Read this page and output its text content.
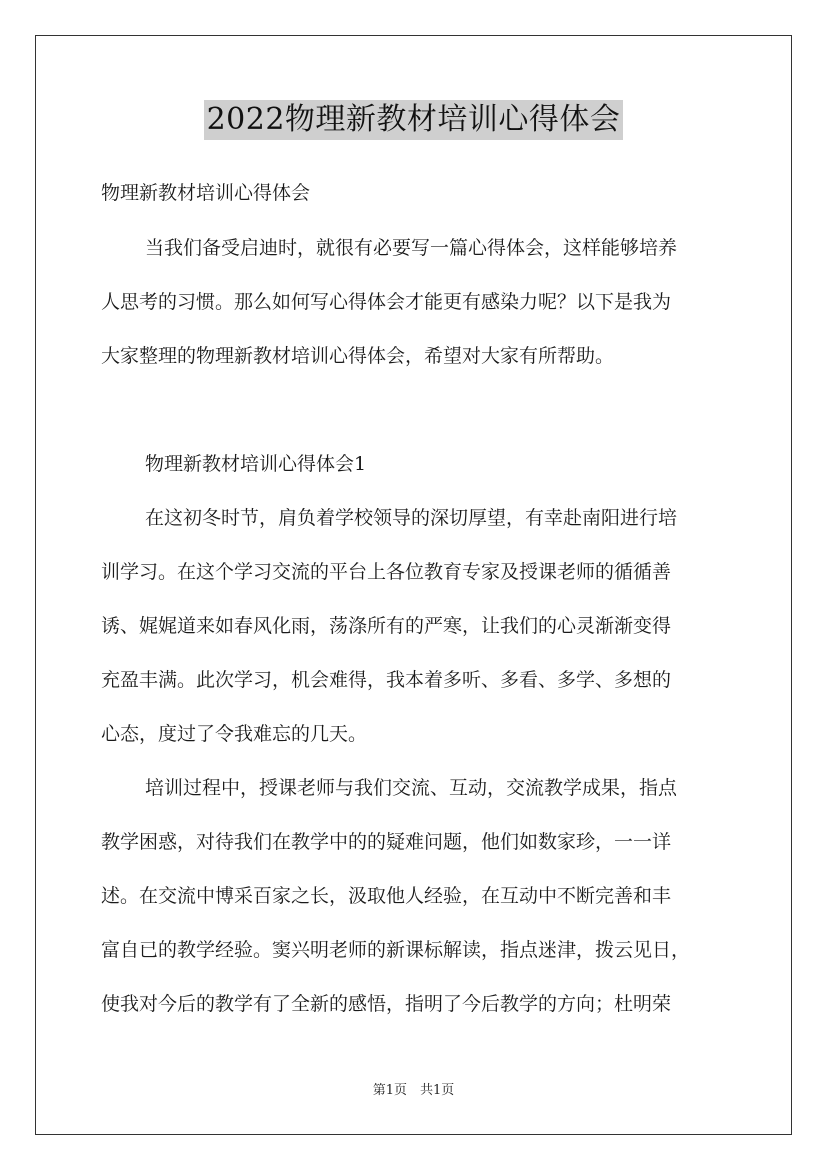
2022物理新教材培训心得体会
物理新教材培训心得体会
当我们备受启迪时，就很有必要写一篇心得体会，这样能够培养
人思考的习惯。那么如何写心得体会才能更有感染力呢？以下是我为
大家整理的物理新教材培训心得体会，希望对大家有所帮助。
物理新教材培训心得体会1
在这初冬时节，肩负着学校领导的深切厚望，有幸赴南阳进行培
训学习。在这个学习交流的平台上各位教育专家及授课老师的循循善
诱、娓娓道来如春风化雨，荡涤所有的严寒，让我们的心灵渐渐变得
充盈丰满。此次学习，机会难得，我本着多听、多看、多学、多想的
心态，度过了令我难忘的几天。
培训过程中，授课老师与我们交流、互动，交流教学成果，指点
教学困惑，对待我们在教学中的的疑难问题，他们如数家珍，一一详
述。在交流中博采百家之长，汲取他人经验，在互动中不断完善和丰
富自已的教学经验。窦兴明老师的新课标解读，指点迷津，拨云见日，
使我对今后的教学有了全新的感悟，指明了今后教学的方向；杜明荣
第1页　共1页
